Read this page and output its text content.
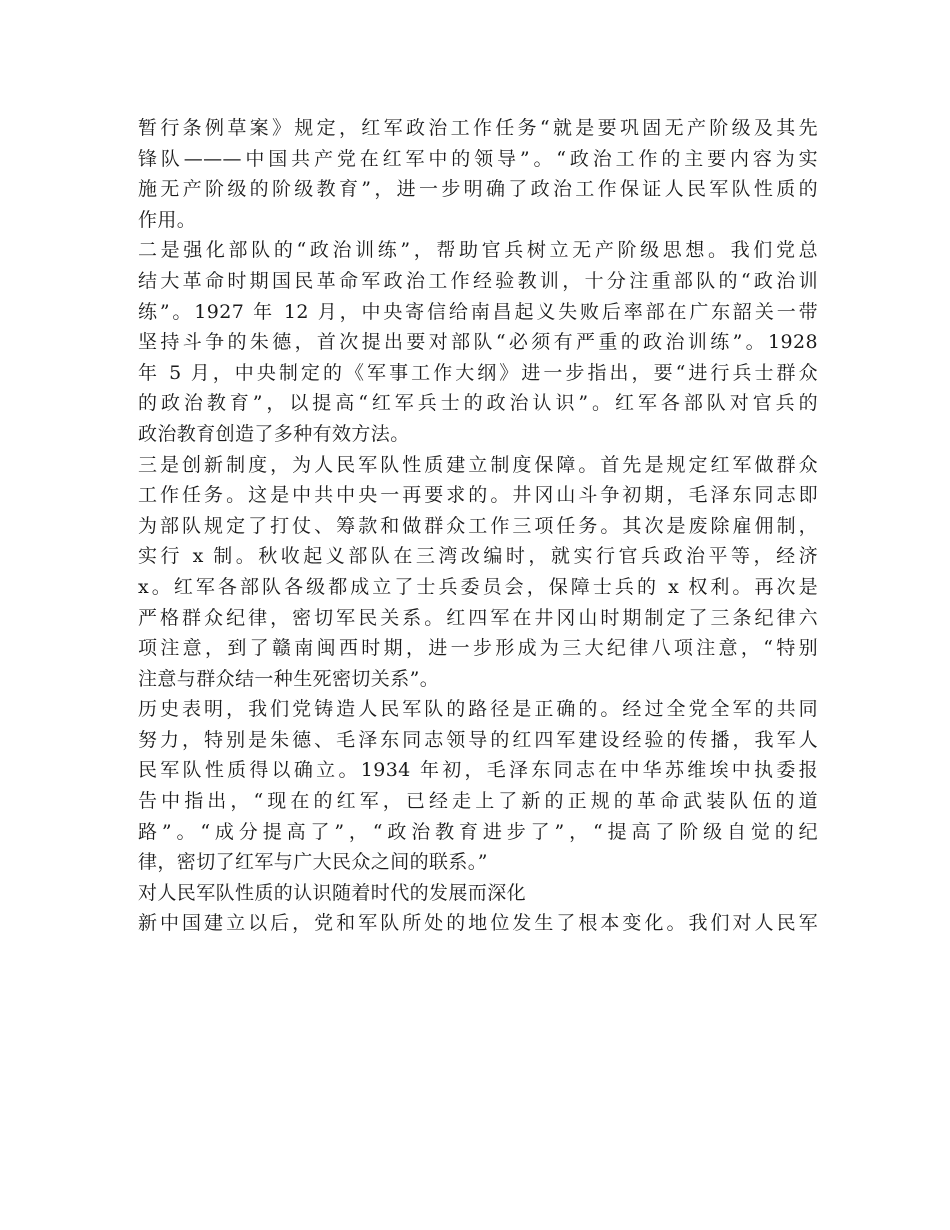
暂行条例草案》规定，红军政治工作任务“就是要巩固无产阶级及其先
锋队———中国共产党在红军中的领导”。“政治工作的主要内容为实
施无产阶级的阶级教育”，进一步明确了政治工作保证人民军队性质的
作用。
二是强化部队的“政治训练”，帮助官兵树立无产阶级思想。我们党总
结大革命时期国民革命军政治工作经验教训，十分注重部队的“政治训
练”。1927 年 12 月，中央寄信给南昌起义失败后率部在广东韶关一带
坚持斗争的朱德，首次提出要对部队“必须有严重的政治训练”。1928
年 5 月，中央制定的《军事工作大纲》进一步指出，要“进行兵士群众
的政治教育”，以提高“红军兵士的政治认识”。红军各部队对官兵的
政治教育创造了多种有效方法。
三是创新制度，为人民军队性质建立制度保障。首先是规定红军做群众
工作任务。这是中共中央一再要求的。井冈山斗争初期，毛泽东同志即
为部队规定了打仗、筹款和做群众工作三项任务。其次是废除雇佣制，
实行 x 制。秋收起义部队在三湾改编时，就实行官兵政治平等，经济
x。红军各部队各级都成立了士兵委员会，保障士兵的 x 权利。再次是
严格群众纪律，密切军民关系。红四军在井冈山时期制定了三条纪律六
项注意，到了赣南闽西时期，进一步形成为三大纪律八项注意，“特别
注意与群众结一种生死密切关系”。
历史表明，我们党铸造人民军队的路径是正确的。经过全党全军的共同
努力，特别是朱德、毛泽东同志领导的红四军建设经验的传播，我军人
民军队性质得以确立。1934 年初，毛泽东同志在中华苏维埃中执委报
告中指出，“现在的红军，已经走上了新的正规的革命武装队伍的道
路”。“成分提高了”，“政治教育进步了”，“提高了阶级自觉的纪
律，密切了红军与广大民众之间的联系。”
对人民军队性质的认识随着时代的发展而深化
新中国建立以后，党和军队所处的地位发生了根本变化。我们对人民军
